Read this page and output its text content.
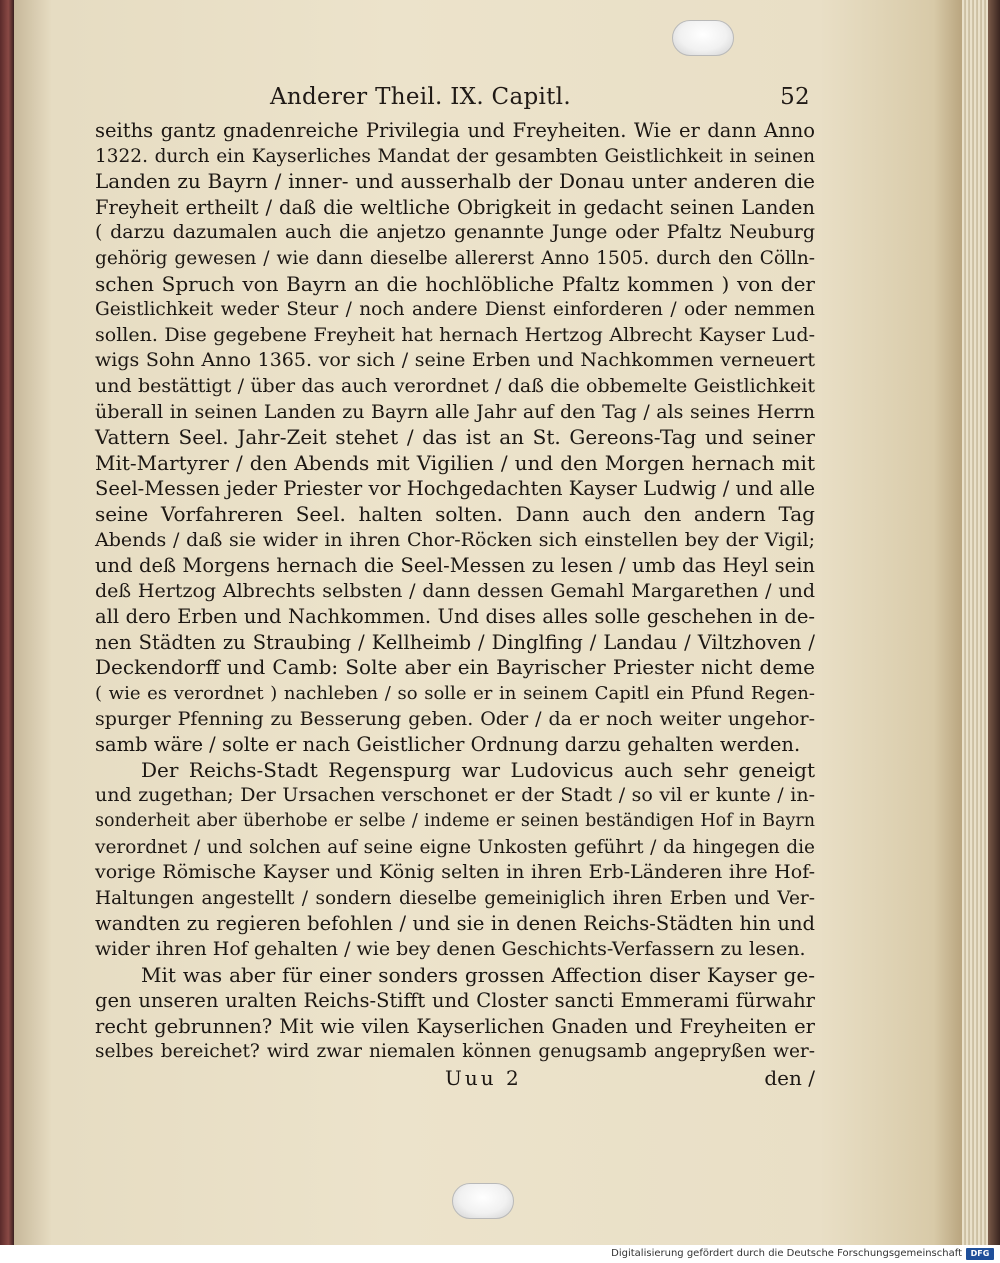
Anderer Theil. IX. Capitl.	52
seiths gantz gnadenreiche Privilegia und Freyheiten. Wie er dann Anno
1322. durch ein Kayserliches Mandat der gesambten Geistlichkeit in seinen
Landen zu Bayrn / inner- und ausserhalb der Donau unter anderen die
Freyheit ertheilt / daß die weltliche Obrigkeit in gedacht seinen Landen
( darzu dazumalen auch die anjetzo genannte Junge oder Pfaltz Neuburg
gehörig gewesen / wie dann dieselbe allererst Anno 1505. durch den Cölln-
schen Spruch von Bayrn an die hochlöbliche Pfaltz kommen ) von der
Geistlichkeit weder Steur / noch andere Dienst einforderen / oder nemmen
sollen. Dise gegebene Freyheit hat hernach Hertzog Albrecht Kayser Lud-
wigs Sohn Anno 1365. vor sich / seine Erben und Nachkommen verneuert
und bestättigt / über das auch verordnet / daß die obbemelte Geistlichkeit
überall in seinen Landen zu Bayrn alle Jahr auf den Tag / als seines Herrn
Vattern Seel. Jahr-Zeit stehet / das ist an St. Gereons-Tag und seiner
Mit-Martyrer / den Abends mit Vigilien / und den Morgen hernach mit
Seel-Messen jeder Priester vor Hochgedachten Kayser Ludwig / und alle
seine Vorfahreren Seel. halten solten. Dann auch den andern Tag
Abends / daß sie wider in ihren Chor-Röcken sich einstellen bey der Vigil;
und deß Morgens hernach die Seel-Messen zu lesen / umb das Heyl sein
deß Hertzog Albrechts selbsten / dann dessen Gemahl Margarethen / und
all dero Erben und Nachkommen. Und dises alles solle geschehen in de-
nen Städten zu Straubing / Kellheimb / Dinglfing / Landau / Viltzhoven /
Deckendorff und Camb: Solte aber ein Bayrischer Priester nicht deme
( wie es verordnet ) nachleben / so solle er in seinem Capitl ein Pfund Regen-
spurger Pfenning zu Besserung geben. Oder / da er noch weiter ungehor-
samb wäre / solte er nach Geistlicher Ordnung darzu gehalten werden.
Der Reichs-Stadt Regenspurg war Ludovicus auch sehr geneigt
und zugethan; Der Ursachen verschonet er der Stadt / so vil er kunte / in-
sonderheit aber überhobe er selbe / indeme er seinen beständigen Hof in Bayrn
verordnet / und solchen auf seine eigne Unkosten geführt / da hingegen die
vorige Römische Kayser und König selten in ihren Erb-Länderen ihre Hof-
Haltungen angestellt / sondern dieselbe gemeiniglich ihren Erben und Ver-
wandten zu regieren befohlen / und sie in denen Reichs-Städten hin und
wider ihren Hof gehalten / wie bey denen Geschichts-Verfassern zu lesen.
Mit was aber für einer sonders grossen Affection diser Kayser ge-
gen unseren uralten Reichs-Stifft und Closter sancti Emmerami fürwahr
recht gebrunnen? Mit wie vilen Kayserlichen Gnaden und Freyheiten er
selbes bereichet? wird zwar niemalen können genugsamb angepryßen wer-
Uuu 2	den /
Digitalisierung gefördert durch die Deutsche Forschungsgemeinschaft	DFG
